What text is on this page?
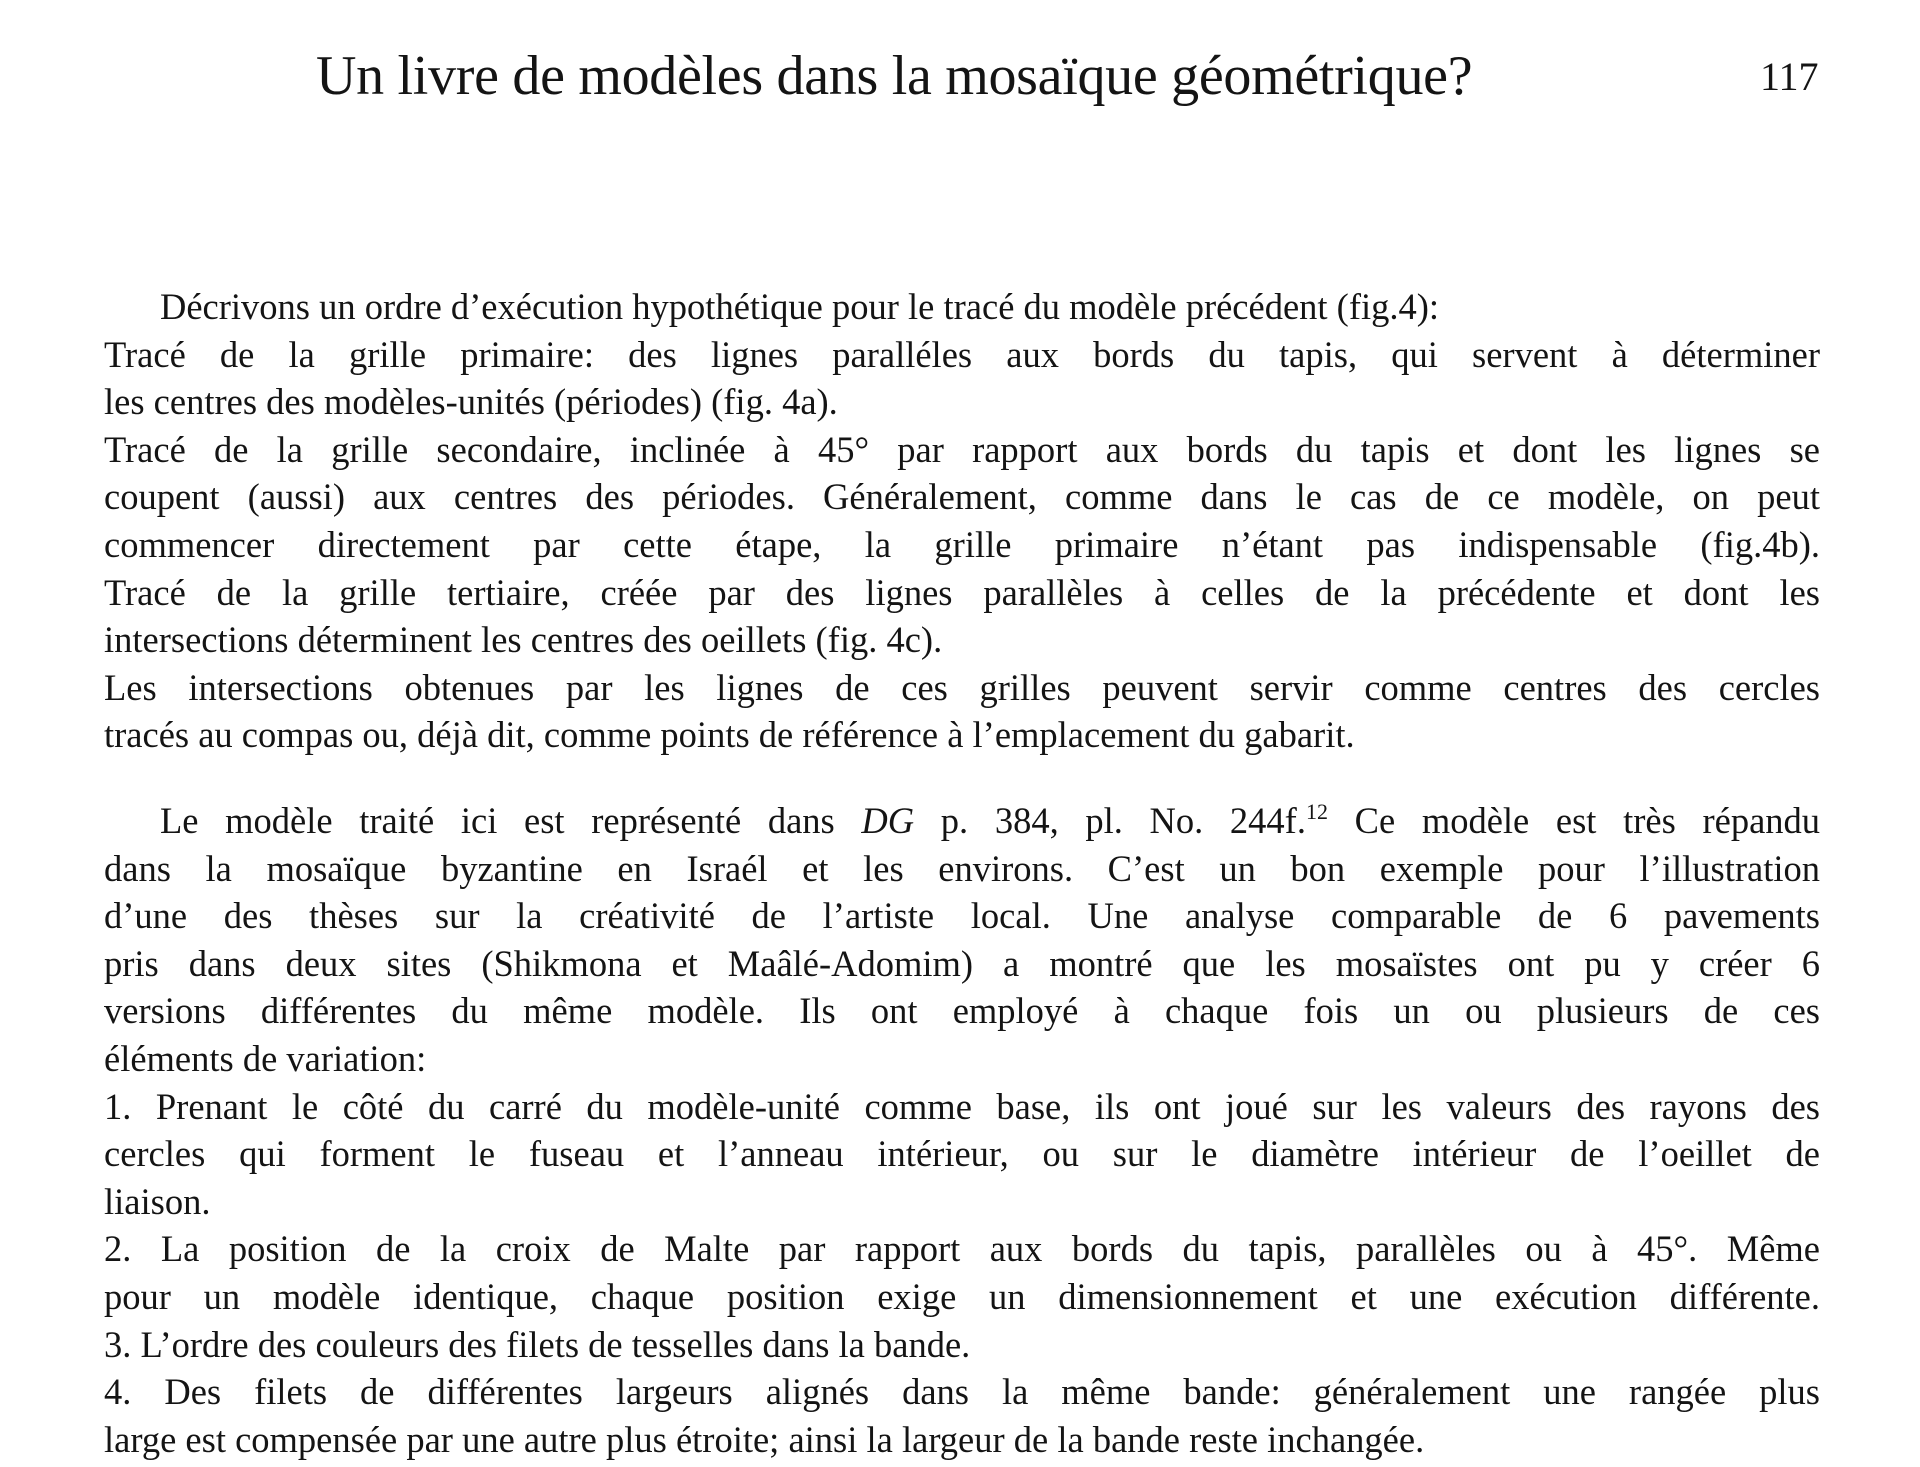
Un livre de modèles dans la mosaïque géométrique?	117
Décrivons un ordre d’exécution hypothétique pour le tracé du modèle précédent (fig.4):
Tracé de la grille primaire: des lignes paralléles aux bords du tapis, qui servent à déterminer
les centres des modèles-unités (périodes) (fig. 4a).
Tracé de la grille secondaire, inclinée à 45° par rapport aux bords du tapis et dont les lignes se
coupent (aussi) aux centres des périodes. Généralement, comme dans le cas de ce modèle, on peut
commencer directement par cette étape, la grille primaire n’étant pas indispensable (fig.4b).
Tracé de la grille tertiaire, créée par des lignes parallèles à celles de la précédente et dont les
intersections déterminent les centres des oeillets (fig. 4c).
Les intersections obtenues par les lignes de ces grilles peuvent servir comme centres des cercles
tracés au compas ou, déjà dit, comme points de référence à l’emplacement du gabarit.
Le modèle traité ici est représenté dans DG p. 384, pl. No. 244f.$^{12}$ Ce modèle est très répandu
dans la mosaïque byzantine en Israél et les environs. C’est un bon exemple pour l’illustration
d’une des thèses sur la créativité de l’artiste local. Une analyse comparable de 6 pavements
pris dans deux sites (Shikmona et Maâlé-Adomim) a montré que les mosaïstes ont pu y créer 6
versions différentes du même modèle. Ils ont employé à chaque fois un ou plusieurs de ces
éléments de variation:
1. Prenant le côté du carré du modèle-unité comme base, ils ont joué sur les valeurs des rayons des
cercles qui forment le fuseau et l’anneau intérieur, ou sur le diamètre intérieur de l’oeillet de
liaison.
2. La position de la croix de Malte par rapport aux bords du tapis, parallèles ou à 45°. Même
pour un modèle identique, chaque position exige un dimensionnement et une exécution différente.
3. L’ordre des couleurs des filets de tesselles dans la bande.
4. Des filets de différentes largeurs alignés dans la même bande: généralement une rangée plus
large est compensée par une autre plus étroite; ainsi la largeur de la bande reste inchangée.
